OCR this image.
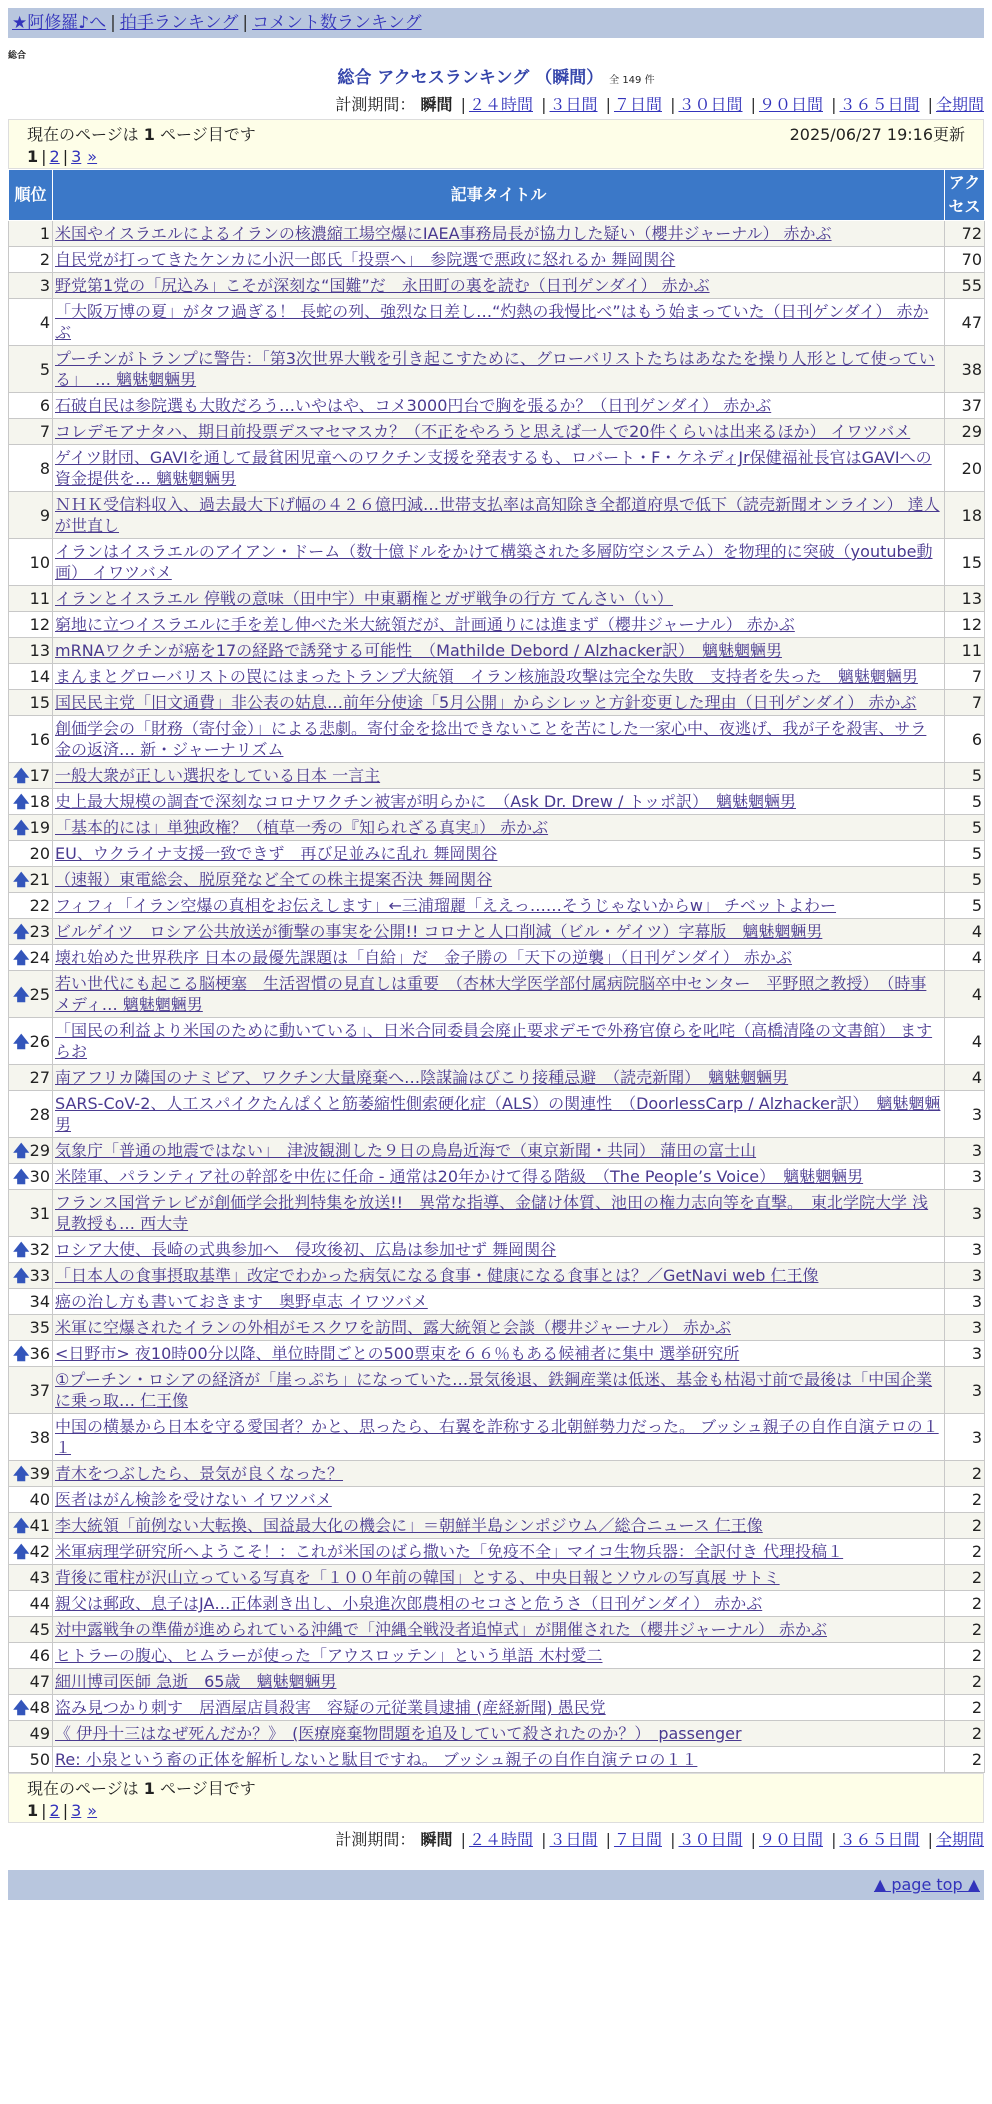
★阿修羅♪へ | 拍手ランキング | コメント数ランキング
総合
総合 アクセスランキング （瞬間） 全 149 件
計測期間： 瞬間 | ２４時間 | ３日間 | ７日間 | ３０日間 | ９０日間 | ３６５日間 | 全期間
現在のページは 1 ページ目です	2025/06/27 19:16更新
1 | 2 | 3 »
順位	記事タイトル	アクセス
1	米国やイスラエルによるイランの核濃縮工場空爆にIAEA事務局長が協力した疑い（櫻井ジャーナル） 赤かぶ	72
2	自民党が打ってきたケンカに小沢一郎氏「投票へ」　参院選で悪政に怒れるか 舞岡関谷	70
3	野党第1党の「尻込み」こそが深刻な“国難”だ　永田町の裏を読む（日刊ゲンダイ） 赤かぶ	55
4	「大阪万博の夏」がタフ過ぎる！ 長蛇の列、強烈な日差し…“灼熱の我慢比べ”はもう始まっていた（日刊ゲンダイ） 赤かぶ	47
5	プーチンがトランプに警告：「第3次世界大戦を引き起こすために、グローバリストたちはあなたを操り人形として使っている」　… 魑魅魍魎男	38
6	石破自民は参院選も大敗だろう…いやはや、コメ3000円台で胸を張るか？（日刊ゲンダイ） 赤かぶ	37
7	コレデモアナタハ、期日前投票デスマセマスカ？（不正をやろうと思えば一人で20件くらいは出来るほか） イワツバメ	29
8	ゲイツ財団、GAVIを通して最貧困児童へのワクチン支援を発表するも、ロバート・F・ケネディJr保健福祉長官はGAVIへの資金提供を… 魑魅魍魎男	20
9	ＮＨＫ受信料収入、過去最大下げ幅の４２６億円減…世帯支払率は高知除き全都道府県で低下（読売新聞オンライン） 達人が世直し	18
10	イランはイスラエルのアイアン・ドーム（数十億ドルをかけて構築された多層防空システム）を物理的に突破（youtube動画） イワツバメ	15
11	イランとイスラエル 停戦の意味（田中宇）中東覇権とガザ戦争の行方 てんさい（い）	13
12	窮地に立つイスラエルに手を差し伸べた米大統領だが、計画通りには進まず（櫻井ジャーナル） 赤かぶ	12
13	mRNAワクチンが癌を17の経路で誘発する可能性　（Mathilde Debord / Alzhacker訳）　魑魅魍魎男	11
14	まんまとグローバリストの罠にはまったトランプ大統領　イラン核施設攻撃は完全な失敗　支持者を失った　魑魅魍魎男	7
15	国民民主党「旧文通費」非公表の姑息…前年分使途「5月公開」からシレッと方針変更した理由（日刊ゲンダイ） 赤かぶ	7
16	創価学会の「財務（寄付金）」による悲劇。寄付金を捻出できないことを苦にした一家心中、夜逃げ、我が子を殺害、サラ金の返済… 新・ジャーナリズム	6

🡅 17	一般大衆が正しい選択をしている日本 一言主	5

🡅 18	史上最大規模の調査で深刻なコロナワクチン被害が明らかに　（Ask Dr. Drew / トッポ訳）　魑魅魍魎男	5

🡅 19	「基本的には」単独政権？（植草一秀の『知られざる真実』） 赤かぶ	5
20	EU、ウクライナ支援一致できず　再び足並みに乱れ 舞岡関谷	5

🡅 21	（速報）東電総会、脱原発など全ての株主提案否決 舞岡関谷	5
22	フィフィ「イラン空爆の真相をお伝えします」←三浦瑠麗「ええっ……そうじゃないからw」 チベットよわー	5

🡅 23	ビルゲイツ　ロシア公共放送が衝撃の事実を公開!! コロナと人口削減（ビル・ゲイツ）字幕版　魑魅魍魎男	4

🡅 24	壊れ始めた世界秩序 日本の最優先課題は「自給」だ　金子勝の「天下の逆襲」（日刊ゲンダイ） 赤かぶ	4

🡅 25	若い世代にも起こる脳梗塞　生活習慣の見直しは重要　（杏林大学医学部付属病院脳卒中センター　平野照之教授）　（時事メディ… 魑魅魍魎男	4

🡅 26	「国民の利益より米国のために動いている」、日米合同委員会廃止要求デモで外務官僚らを叱咤（高橋清隆の文書館） ますらお	4
27	南アフリカ隣国のナミビア、ワクチン大量廃棄へ…陰謀論はびこり接種忌避　（読売新聞）　魑魅魍魎男	4
28	SARS-CoV-2、人工スパイクたんぱくと筋萎縮性側索硬化症（ALS）の関連性　（DoorlessCarp / Alzhacker訳）　魑魅魍魎男	3

🡅 29	気象庁「普通の地震ではない」　津波観測した９日の鳥島近海で（東京新聞・共同） 蒲田の富士山	3

🡅 30	米陸軍、パランティア社の幹部を中佐に任命 - 通常は20年かけて得る階級　（The People’s Voice）　魑魅魍魎男	3
31	フランス国営テレビが創価学会批判特集を放送!!　異常な指導、金儲け体質、池田の権力志向等を直撃。　東北学院大学 浅見教授も… 西大寺	3

🡅 32	ロシア大使、長崎の式典参加へ　侵攻後初、広島は参加せず 舞岡関谷	3

🡅 33	「日本人の食事摂取基準」改定でわかった病気になる食事・健康になる食事とは？／GetNavi web 仁王像	3
34	癌の治し方も書いておきます　奥野卓志 イワツバメ	3
35	米軍に空爆されたイランの外相がモスクワを訪問、露大統領と会談（櫻井ジャーナル） 赤かぶ	3

🡅 36	<日野市> 夜10時00分以降、単位時間ごとの500票束を６６％もある候補者に集中 選挙研究所	3
37	①プーチン・ロシアの経済が「崖っぷち」になっていた…景気後退、鉄鋼産業は低迷、基金も枯渇寸前で最後は「中国企業に乗っ取… 仁王像	3
38	中国の横暴から日本を守る愛国者？かと、思ったら、右翼を詐称する北朝鮮勢力だった。 ブッシュ親子の自作自演テロの１１	3

🡅 39	青木をつぶしたら、景気が良くなった？	2
40	医者はがん検診を受けない イワツバメ	2

🡅 41	李大統領「前例ない大転換、国益最大化の機会に」＝朝鮮半島シンポジウム／総合ニュース 仁王像	2

🡅 42	米軍病理学研究所へようこそ！：これが米国のばら撒いた「免疫不全」マイコ生物兵器：全訳付き 代理投稿１	2
43	背後に電柱が沢山立っている写真を「１００年前の韓国」とする、中央日報とソウルの写真展 サトミ	2
44	親父は郵政、息子はJA…正体剥き出し、小泉進次郎農相のセコさと危うさ（日刊ゲンダイ） 赤かぶ	2
45	対中露戦争の準備が進められている沖縄で「沖縄全戦没者追悼式」が開催された（櫻井ジャーナル） 赤かぶ	2
46	ヒトラーの腹心、ヒムラーが使った「アウスロッテン」という単語 木村愛二	2
47	細川博司医師 急逝　65歳　魑魅魍魎男	2

🡅 48	盗み見つかり刺す　居酒屋店員殺害　容疑の元従業員逮捕 (産経新聞) 愚民党	2
49	《 伊丹十三はなぜ死んだか？》　(医療廃棄物問題を追及していて殺されたのか？）　passenger	2
50	Re: 小泉という畜の正体を解析しないと駄目ですね。 ブッシュ親子の自作自演テロの１１	2
現在のページは 1 ページ目です
1 | 2 | 3 »
計測期間： 瞬間 | ２４時間 | ３日間 | ７日間 | ３０日間 | ９０日間 | ３６５日間 | 全期間
▲ page top ▲
